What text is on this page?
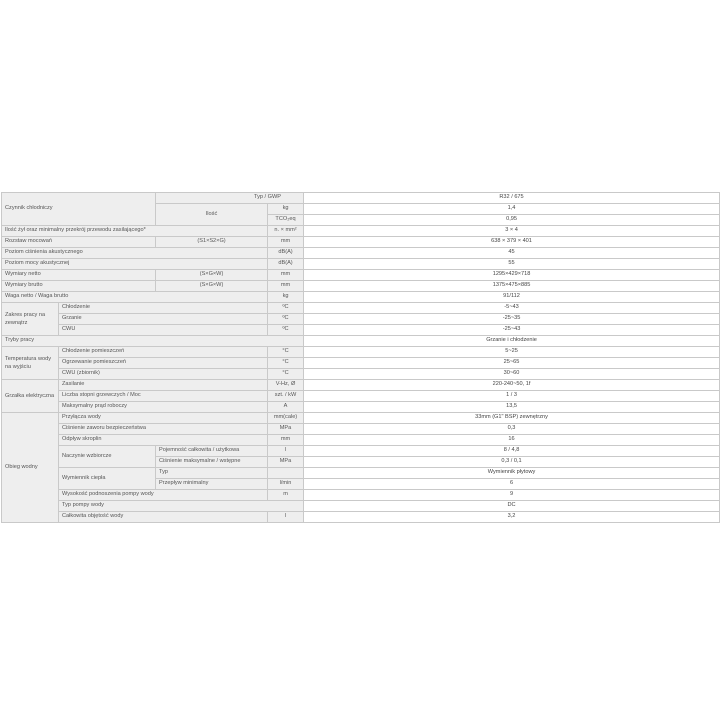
Czynnik chłodniczy		Typ / GWP		R32 / 675
		Ilość	kg	1,4
			TCO₂eq	0,95
Ilość żył oraz minimalny przekrój przewodu zasilającego*			n. × mm²	3 × 4
Rozstaw mocowań		(S1×S2×G)	mm	638 × 379 × 401
Poziom ciśnienia akustycznego			dB(A)	45
Poziom mocy akustycznej			dB(A)	55
Wymiary netto		(S×G×W)	mm	1295×429×718
Wymiary brutto		(S×G×W)	mm	1375×475×885
Waga netto / Waga brutto			kg	91/112
Zakres pracy na zewnątrz	Chłodzenie		ºC	-5~43
	Grzanie		ºC	-25~35
	CWU		ºC	-25~43
Tryby pracy				Grzanie i chłodzenie
Temperatura wody na wyjściu	Chłodzenie pomieszczeń		°C	5~25
	Ogrzewanie pomieszczeń		°C	25~65
	CWU (zbiornik)		°C	30~60
Grzałka elektryczna	Zasilanie		V-Hz, Ø	220-240~50, 1f
	Liczba stopni grzewczych / Moc		szt. / kW	1 / 3
	Maksymalny prąd roboczy		A	13,5
Obieg wodny	Przyłącza wody		mm(cale)	33mm (G1" BSP) zewnętrzny
	Ciśnienie zaworu bezpieczeństwa		MPa	0,3
	Odpływ skroplin		mm	16
	Naczynie wzbiorcze	Pojemność całkowita / użytkowa	l	8 / 4,8
		Ciśnienie maksymalne / wstępne	MPa	0,3 / 0,1
	Wymiennik ciepła	Typ		Wymiennik płytowy
		Przepływ minimalny	l/min	6
	Wysokość podnoszenia pompy wody		m	9
	Typ pompy wody			DC
	Całkowita objętość wody		l	3,2
